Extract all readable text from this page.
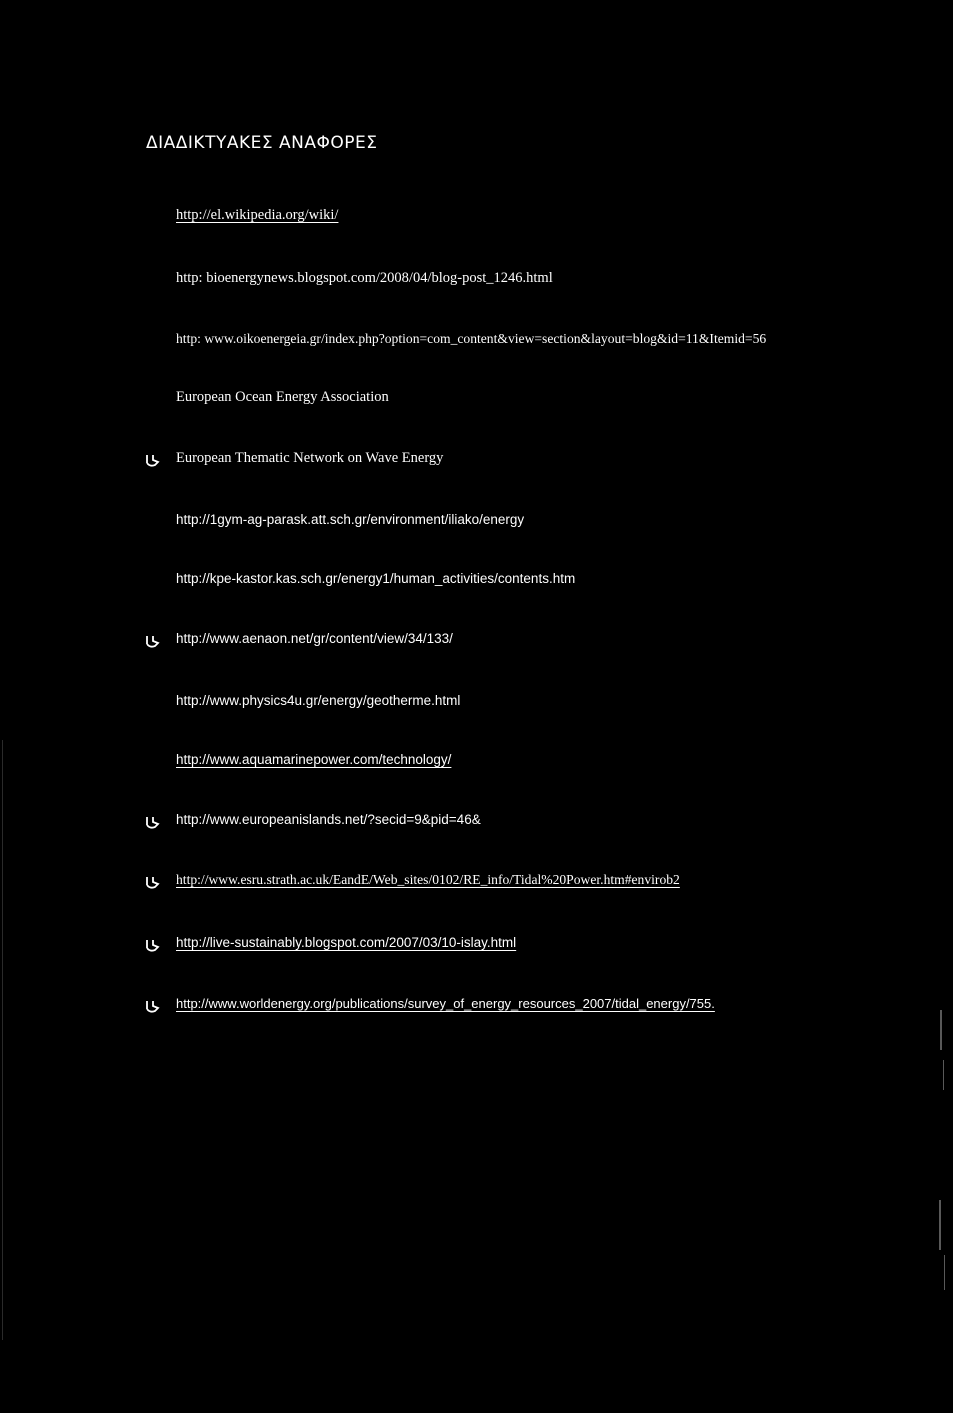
ΔΙΑΔΙΚΤΥΑΚΕΣ ΑΝΑΦΟΡΕΣ
http://el.wikipedia.org/wiki/
http: bioenergynews.blogspot.com/2008/04/blog-post_1246.html
http: www.oikoenergeia.gr/index.php?option=com_content&view=section&layout=blog&id=11&Itemid=56
European Ocean Energy Association
European Thematic Network on Wave Energy
http://1gym-ag-parask.att.sch.gr/environment/iliako/energy
http://kpe-kastor.kas.sch.gr/energy1/human_activities/contents.htm
http://www.aenaon.net/gr/content/view/34/133/
http://www.physics4u.gr/energy/geotherme.html
http://www.aquamarinepower.com/technology/
http://www.europeanislands.net/?secid=9&pid=46&
http://www.esru.strath.ac.uk/EandE/Web_sites/0102/RE_info/Tidal%20Power.htm#envirob2
http://live-sustainably.blogspot.com/2007/03/10-islay.html
http://www.worldenergy.org/publications/survey_of_energy_resources_2007/tidal_energy/755.
